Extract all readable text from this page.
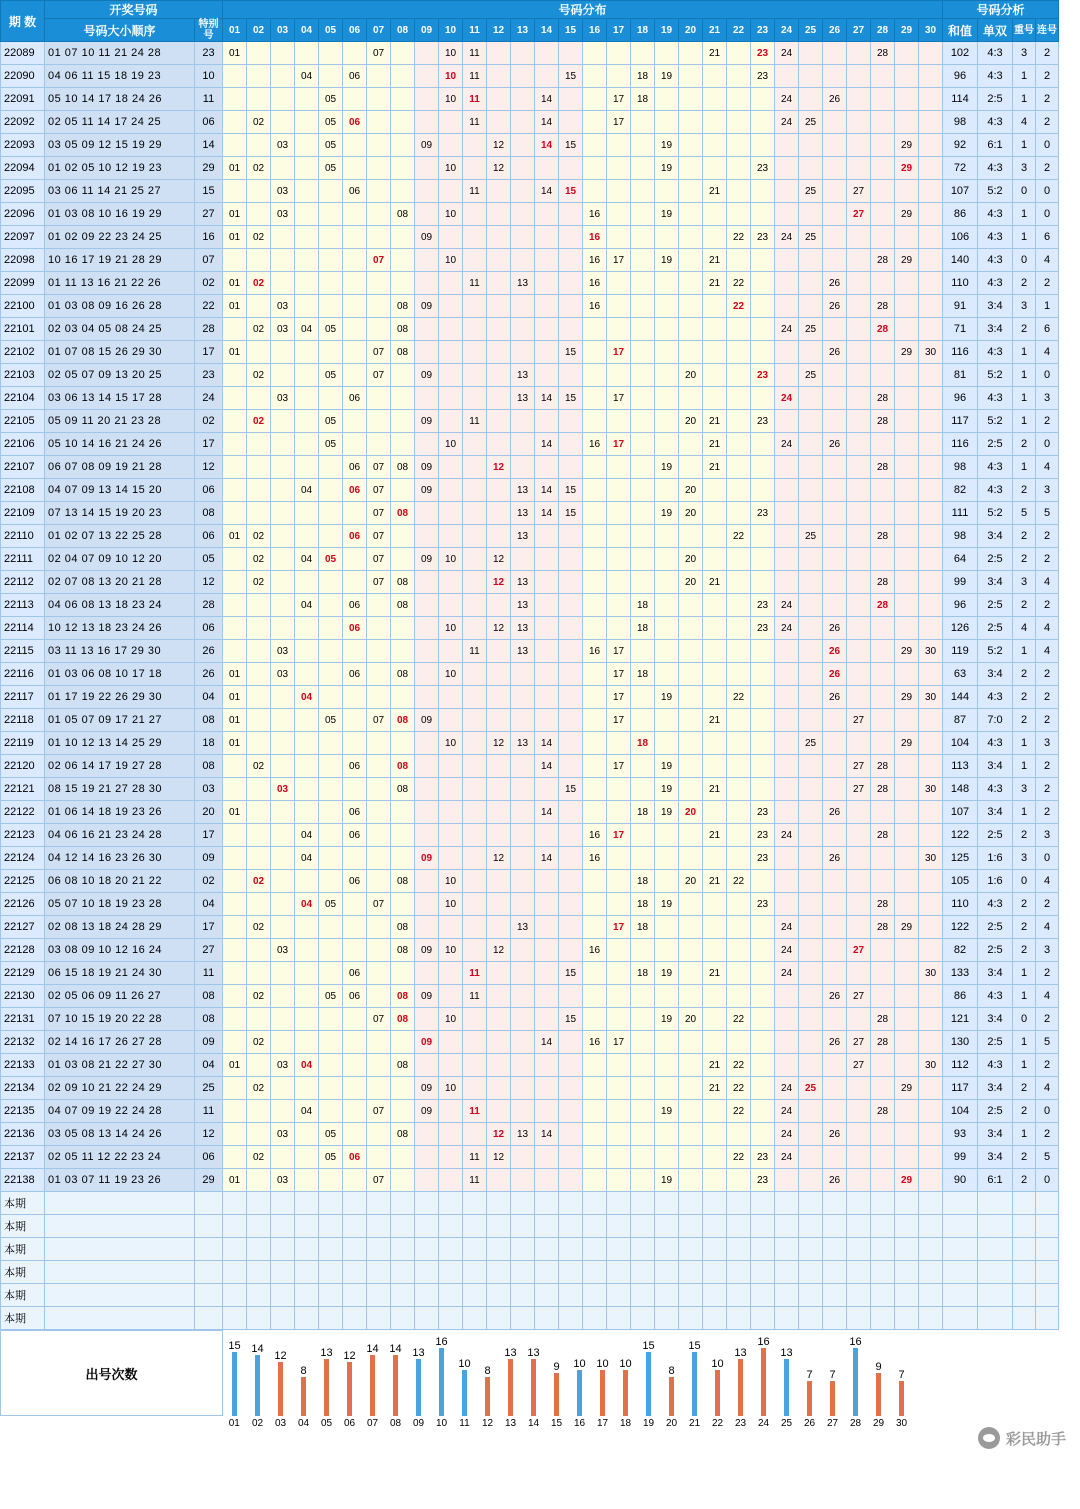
期 数	开奖号码		号码分布																														号码分析			
	号码大小顺序	特别号	01	02	03	04	05	06	07	08	09	10	11	12	13	14	15	16	17	18	19	20	21	22	23	24	25	26	27	28	29	30	和值	单双	重号	连号
22089	01 07 10 11 21 24 28	23	01						07			10	11										21		23	24				28			102	4:3	3	2
22090	04 06 11 15 18 19 23	10				04		06				10	11				15			18	19				23								96	4:3	1	2
22091	05 10 14 17 18 24 26	11					05					10	11			14			17	18						24		26					114	2:5	1	2
22092	02 05 11 14 17 24 25	06		02			05	06					11			14			17							24	25						98	4:3	4	2
22093	03 05 09 12 15 19 29	14			03		05				09			12		14	15				19										29		92	6:1	1	0
22094	01 02 05 10 12 19 23	29	01	02			05					10		12							19				23						29		72	4:3	3	2
22095	03 06 11 14 21 25 27	15			03			06					11			14	15						21				25		27				107	5:2	0	0
22096	01 03 08 10 16 19 29	27	01		03					08		10						16			19								27		29		86	4:3	1	0
22097	01 02 09 22 23 24 25	16	01	02							09							16						22	23	24	25						106	4:3	1	6
22098	10 16 17 19 21 28 29	07							07			10						16	17		19		21							28	29		140	4:3	0	4
22099	01 11 13 16 21 22 26	02	01	02									11		13			16					21	22				26					110	4:3	2	2
22100	01 03 08 09 16 26 28	22	01		03					08	09							16						22				26		28			91	3:4	3	1
22101	02 03 04 05 08 24 25	28		02	03	04	05			08																24	25			28			71	3:4	2	6
22102	01 07 08 15 26 29 30	17	01						07	08							15		17									26			29	30	116	4:3	1	4
22103	02 05 07 09 13 20 25	23		02			05		07		09				13							20			23		25						81	5:2	1	0
22104	03 06 13 14 15 17 28	24			03			06							13	14	15		17							24				28			96	4:3	1	3
22105	05 09 11 20 21 23 28	02		02			05				09		11									20	21		23					28			117	5:2	1	2
22106	05 10 14 16 21 24 26	17					05					10				14		16	17				21			24		26					116	2:5	2	0
22107	06 07 08 09 19 21 28	12						06	07	08	09			12							19		21							28			98	4:3	1	4
22108	04 07 09 13 14 15 20	06				04		06	07		09				13	14	15					20											82	4:3	2	3
22109	07 13 14 15 19 20 23	08							07	08					13	14	15				19	20			23								111	5:2	5	5
22110	01 02 07 13 22 25 28	06	01	02				06	07						13									22			25			28			98	3:4	2	2
22111	02 04 07 09 10 12 20	05		02		04	05		07		09	10		12								20											64	2:5	2	2
22112	02 07 08 13 20 21 28	12		02					07	08				12	13							20	21							28			99	3:4	3	4
22113	04 06 08 13 18 23 24	28				04		06		08					13					18					23	24				28			96	2:5	2	2
22114	10 12 13 18 23 24 26	06						06				10		12	13					18					23	24		26					126	2:5	4	4
22115	03 11 13 16 17 29 30	26			03								11		13			16	17									26			29	30	119	5:2	1	4
22116	01 03 06 08 10 17 18	26	01		03			06		08		10							17	18								26					63	3:4	2	2
22117	01 17 19 22 26 29 30	04	01			04													17		19			22				26			29	30	144	4:3	2	2
22118	01 05 07 09 17 21 27	08	01				05		07	08	09								17				21						27				87	7:0	2	2
22119	01 10 12 13 14 25 29	18	01									10		12	13	14				18							25				29		104	4:3	1	3
22120	02 06 14 17 19 27 28	08		02				06		08						14			17		19								27	28			113	3:4	1	2
22121	08 15 19 21 27 28 30	03			03					08							15				19		21						27	28		30	148	4:3	3	2
22122	01 06 14 18 19 23 26	20	01					06								14				18	19	20			23			26					107	3:4	1	2
22123	04 06 16 21 23 24 28	17				04		06										16	17				21		23	24				28			122	2:5	2	3
22124	04 12 14 16 23 26 30	09				04					09			12		14		16							23			26				30	125	1:6	3	0
22125	06 08 10 18 20 21 22	02		02				06		08		10								18		20	21	22									105	1:6	0	4
22126	05 07 10 18 19 23 28	04				04	05		07			10								18	19				23					28			110	4:3	2	2
22127	02 08 13 18 24 28 29	17		02						08					13				17	18						24				28	29		122	2:5	2	4
22128	03 08 09 10 12 16 24	27			03					08	09	10		12				16								24			27				82	2:5	2	3
22129	06 15 18 19 21 24 30	11						06					11				15			18	19		21			24						30	133	3:4	1	2
22130	02 05 06 09 11 26 27	08		02			05	06		08	09		11															26	27				86	4:3	1	4
22131	07 10 15 19 20 22 28	08							07	08		10					15				19	20		22						28			121	3:4	0	2
22132	02 14 16 17 26 27 28	09		02							09					14		16	17									26	27	28			130	2:5	1	5
22133	01 03 08 21 22 27 30	04	01		03	04				08													21	22					27			30	112	4:3	1	2
22134	02 09 10 21 22 24 29	25		02							09	10											21	22		24	25				29		117	3:4	2	4
22135	04 07 09 19 22 24 28	11				04			07		09		11								19			22		24				28			104	2:5	2	0
22136	03 05 08 13 14 24 26	12			03		05			08				12	13	14										24		26					93	3:4	1	2
22137	02 05 11 12 22 23 24	06		02			05	06					11	12										22	23	24							99	3:4	2	5
22138	01 03 07 11 19 23 26	29	01		03				07				11								19				23			26			29		90	6:1	2	0
本期																																				
本期																																				
本期																																				
本期																																				
本期																																				
本期																																				
出号次数	15	14	12	8	13	12	14	14	13	16	10	8	13	13	9	10	10	10	15	8	15	10	13	16	13	7	7	16	9	7	

	01	02	03	04	05	06	07	08	09	10	11	12	13	14	15	16	17	18	19	20	21	22	23	24	25	26	27	28	29	30	
彩民助手
